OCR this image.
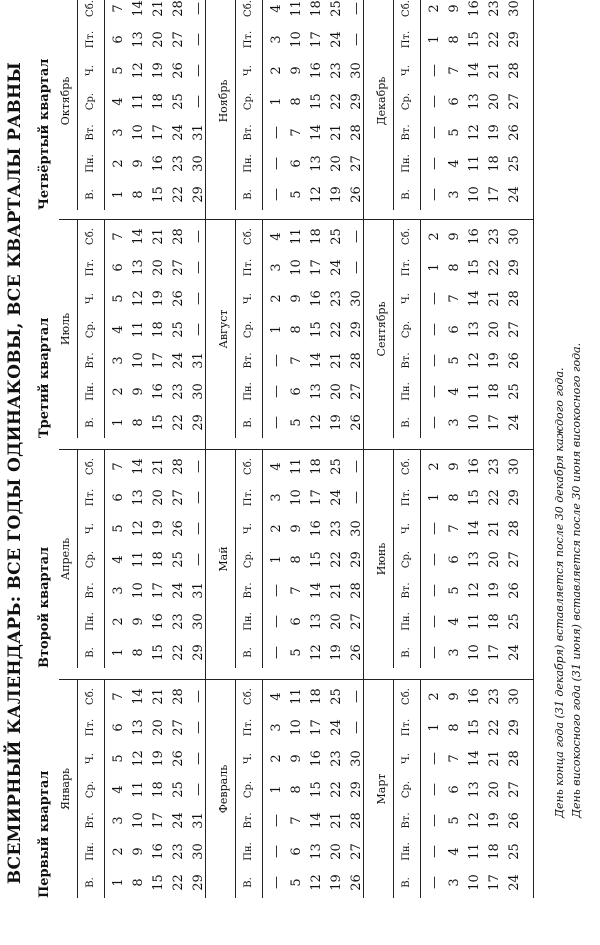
ВСЕМИРНЫЙ КАЛЕНДАРЬ: ВСЕ ГОДЫ ОДИНАКОВЫ, ВСЕ КВАРТАЛЫ РАВНЫ Первый квартал Январь
В.
Пн.
Вт.
Ср.
Ч.
Пт.
Сб.
1
2
3
4
5
6
7
8
9
10
11
12
13
14
15
16
17
18
19
20
21
22
23
24
25
26
27
28
29
30
31
—
—
—
—
Февраль
В.
Пн.
Вт.
Ср.
Ч.
Пт.
Сб.
—
—
—
1
2
3
4
5
6
7
8
9
10
11
12
13
14
15
16
17
18
19
20
21
22
23
24
25
26
27
28
29
30
—
—
Март
В.
Пн.
Вт.
Ср.
Ч.
Пт.
Сб.
—
—
—
—
—
1
2
3
4
5
6
7
8
9
10
11
12
13
14
15
16
17
18
19
20
21
22
23
24
25
26
27
28
29
30
Второй квартал Апрель
В.
Пн.
Вт.
Ср.
Ч.
Пт.
Сб.
1
2
3
4
5
6
7
8
9
10
11
12
13
14
15
16
17
18
19
20
21
22
23
24
25
26
27
28
29
30
31
—
—
—
—
Май
В.
Пн.
Вт.
Ср.
Ч.
Пт.
Сб.
—
—
—
1
2
3
4
5
6
7
8
9
10
11
12
13
14
15
16
17
18
19
20
21
22
23
24
25
26
27
28
29
30
—
—
Июнь
В.
Пн.
Вт.
Ср.
Ч.
Пт.
Сб.
—
—
—
—
—
1
2
3
4
5
6
7
8
9
10
11
12
13
14
15
16
17
18
19
20
21
22
23
24
25
26
27
28
29
30
Третий квартал Июль
В.
Пн.
Вт.
Ср.
Ч.
Пт.
Сб.
1
2
3
4
5
6
7
8
9
10
11
12
13
14
15
16
17
18
19
20
21
22
23
24
25
26
27
28
29
30
31
—
—
—
—
Август
В.
Пн.
Вт.
Ср.
Ч.
Пт.
Сб.
—
—
—
1
2
3
4
5
6
7
8
9
10
11
12
13
14
15
16
17
18
19
20
21
22
23
24
25
26
27
28
29
30
—
—
Сентябрь
В.
Пн.
Вт.
Ср.
Ч.
Пт.
Сб.
—
—
—
—
—
1
2
3
4
5
6
7
8
9
10
11
12
13
14
15
16
17
18
19
20
21
22
23
24
25
26
27
28
29
30
Четвёртый квартал Октябрь
В.
Пн.
Вт.
Ср.
Ч.
Пт.
Сб.
1
2
3
4
5
6
7
8
9
10
11
12
13
14
15
16
17
18
19
20
21
22
23
24
25
26
27
28
29
30
31
—
—
—
—
Ноябрь
В.
Пн.
Вт.
Ср.
Ч.
Пт.
Сб.
—
—
—
1
2
3
4
5
6
7
8
9
10
11
12
13
14
15
16
17
18
19
20
21
22
23
24
25
26
27
28
29
30
—
—
Декабрь
В.
Пн.
Вт.
Ср.
Ч.
Пт.
Сб.
—
—
—
—
—
1
2
3
4
5
6
7
8
9
10
11
12
13
14
15
16
17
18
19
20
21
22
23
24
25
26
27
28
29
30
День конца года (31 декабря) вставляется после 30 декабря каждого года. День високосного года (31 июня) вставляется после 30 июня високосного года.
